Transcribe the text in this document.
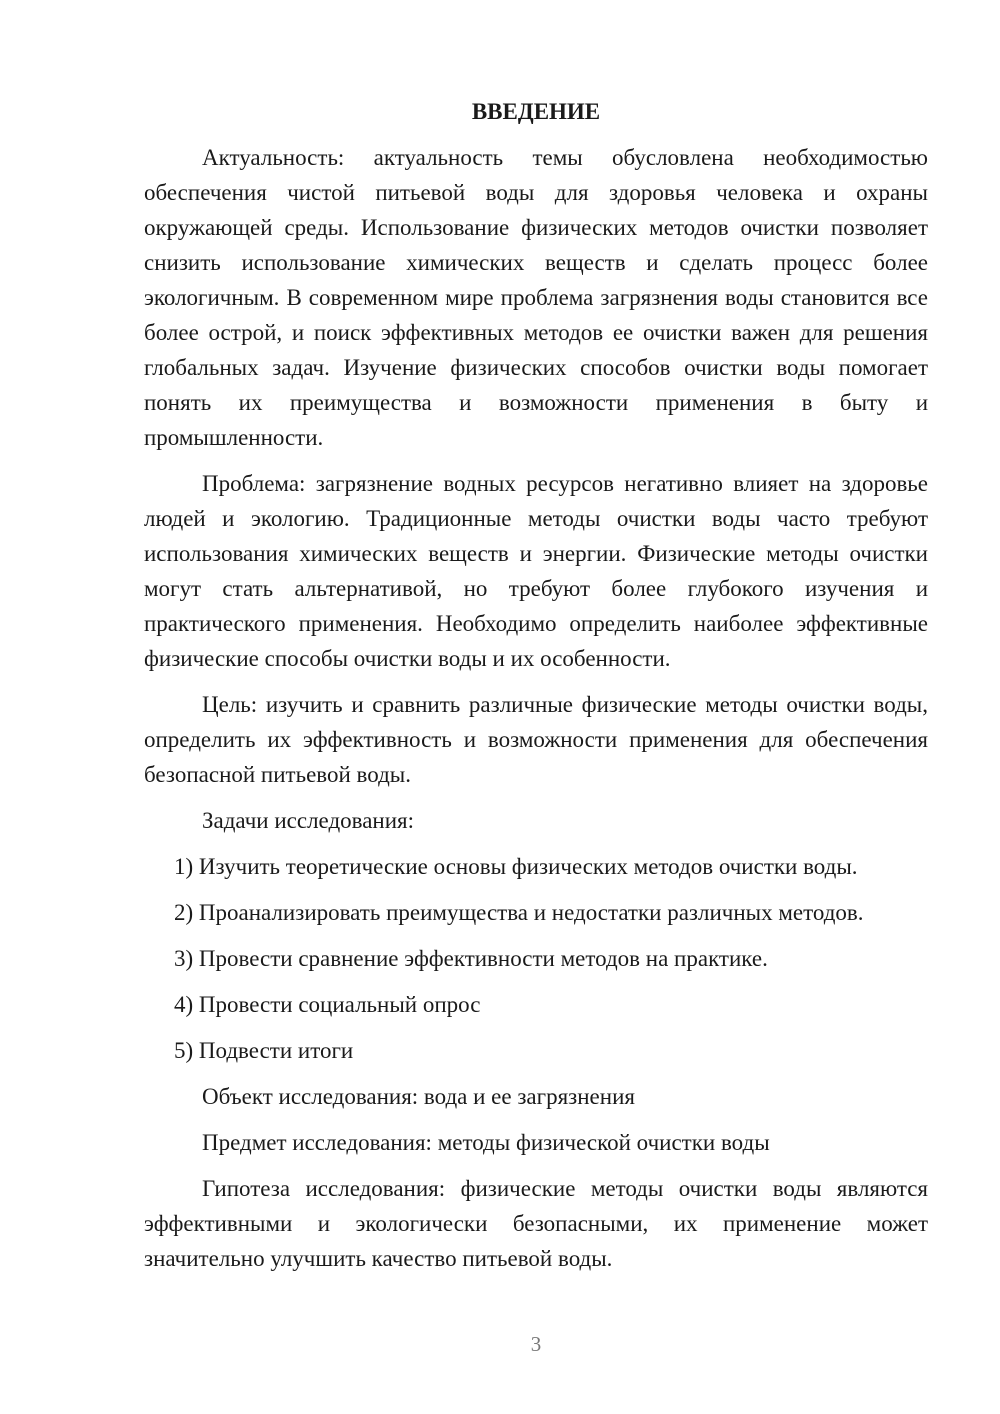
ВВЕДЕНИЕ

Актуальность: актуальность темы обусловлена необходимостью обеспечения чистой питьевой воды для здоровья человека и охраны окружающей среды. Использование физических методов очистки позволяет снизить использование химических веществ и сделать процесс более экологичным. В современном мире проблема загрязнения воды становится все более острой, и поиск эффективных методов ее очистки важен для решения глобальных задач. Изучение физических способов очистки воды помогает понять их преимущества и возможности применения в быту и промышленности.

Проблема: загрязнение водных ресурсов негативно влияет на здоровье людей и экологию. Традиционные методы очистки воды часто требуют использования химических веществ и энергии. Физические методы очистки могут стать альтернативой, но требуют более глубокого изучения и практического применения. Необходимо определить наиболее эффективные физические способы очистки воды и их особенности.

Цель: изучить и сравнить различные физические методы очистки воды, определить их эффективность и возможности применения для обеспечения безопасной питьевой воды.

Задачи исследования:
1) Изучить теоретические основы физических методов очистки воды.
2) Проанализировать преимущества и недостатки различных методов.
3) Провести сравнение эффективности методов на практике.
4) Провести социальный опрос
5) Подвести итоги
Объект исследования: вода и ее загрязнения
Предмет исследования: методы физической очистки воды

Гипотеза исследования: физические методы очистки воды являются эффективными и экологически безопасными, их применение может значительно улучшить качество питьевой воды.

3
